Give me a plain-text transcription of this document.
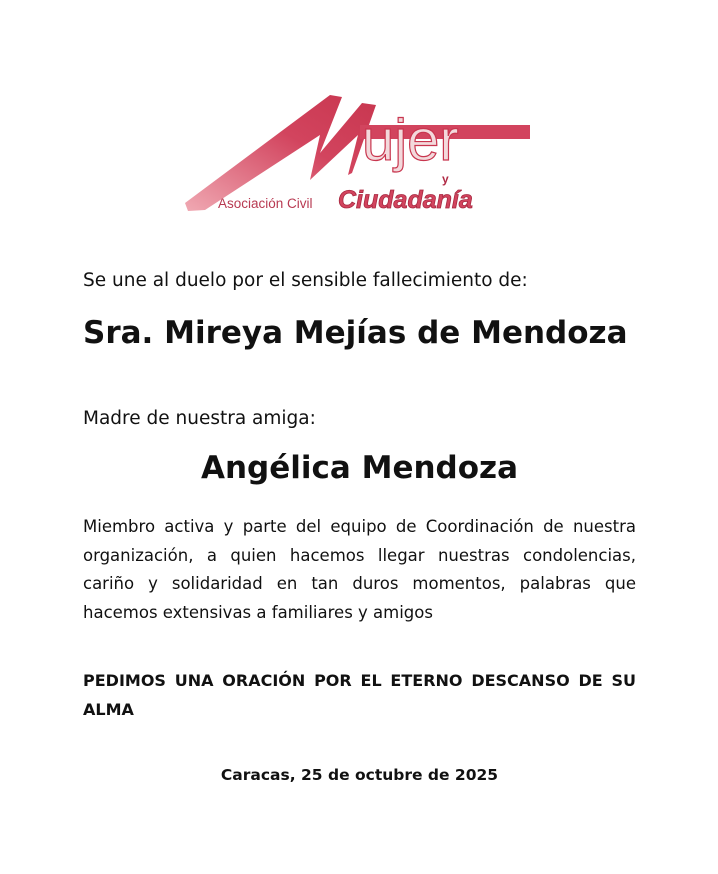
ujer
y
Asociación Civil Ciudadanía

Se une al duelo por el sensible fallecimiento de:

Sra. Mireya Mejías de Mendoza

Madre de nuestra amiga:

Angélica Mendoza

Miembro activa y parte del equipo de Coordinación de nuestra organización, a quien hacemos llegar nuestras condolencias, cariño y solidaridad en tan duros momentos, palabras que hacemos extensivas a familiares y amigos

PEDIMOS UNA ORACIÓN POR EL ETERNO DESCANSO DE SU ALMA

Caracas, 25 de octubre de 2025
